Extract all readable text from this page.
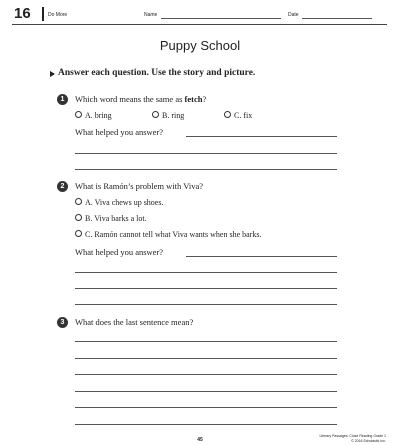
16	Do More	Name	Date
Puppy School
Answer each question. Use the story and picture.
1	Which word means the same as fetch?
A. bring	B. ring	C. fix
What helped you answer?
2	What is Ramón’s problem with Viva?
A. Viva chews up shoes.
B. Viva barks a lot.
C. Ramón cannot tell what Viva wants when she barks.
What helped you answer?
3	What does the last sentence mean?
45
Literary Passages: Close Reading Grade 1
© 2016 Scholastic Inc.
